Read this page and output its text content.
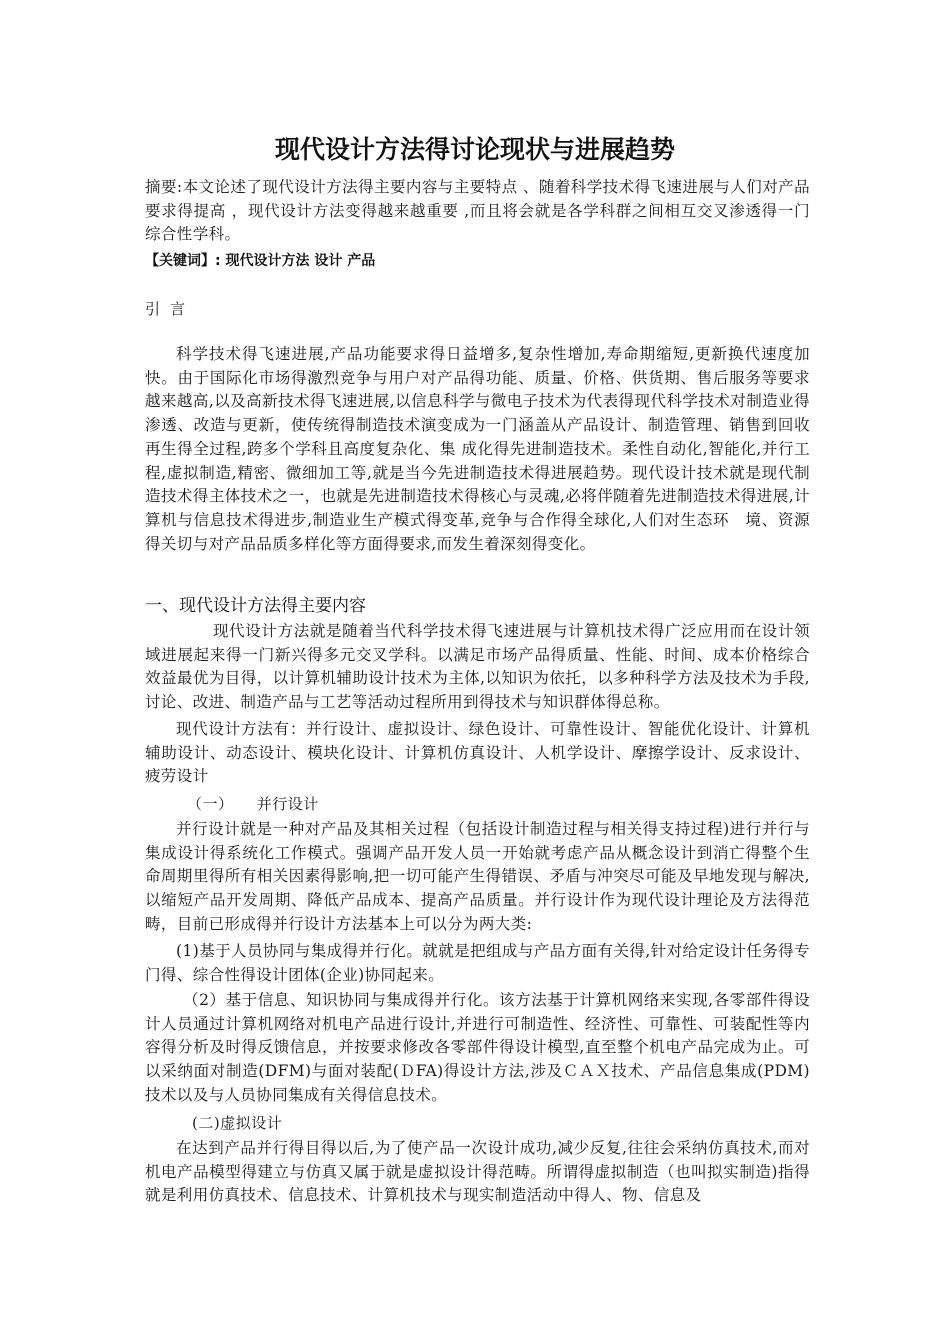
现代设计方法得讨论现状与进展趋势

摘要:本文论述了现代设计方法得主要内容与主要特点 、随着科学技术得飞速进展与人们对产品要求得提高 ，现代设计方法变得越来越重要 ,而且将会就是各学科群之间相互交叉渗透得一门综合性学科。

【关键词】: 现代设计方法 设计 产品
引言

科学技术得飞速进展,产品功能要求得日益增多,复杂性增加,寿命期缩短,更新换代速度加快。由于国际化市场得激烈竞争与用户对产品得功能、质量、价格、供货期、售后服务等要求越来越高,以及高新技术得飞速进展,以信息科学与微电子技术为代表得现代科学技术对制造业得渗透、改造与更新，使传统得制造技术演变成为一门涵盖从产品设计、制造管理、销售到回收再生得全过程,跨多个学科且高度复杂化、集 成化得先进制造技术。柔性自动化,智能化,并行工程,虚拟制造,精密、微细加工等,就是当今先进制造技术得进展趋势。现代设计技术就是现代制造技术得主体技术之一，也就是先进制造技术得核心与灵魂,必将伴随着先进制造技术得进展,计算机与信息技术得进步,制造业生产模式得变革,竞争与合作得全球化,人们对生态环　境、资源得关切与对产品品质多样化等方面得要求,而发生着深刻得变化。

一、现代设计方法得主要内容

现代设计方法就是随着当代科学技术得飞速进展与计算机技术得广泛应用而在设计领域进展起来得一门新兴得多元交叉学科。以满足市场产品得质量、性能、时间、成本价格综合效益最优为目得，以计算机辅助设计技术为主体,以知识为依托，以多种科学方法及技术为手段,讨论、改进、制造产品与工艺等活动过程所用到得技术与知识群体得总称。

现代设计方法有：并行设计、虚拟设计、绿色设计、可靠性设计、智能优化设计、计算机辅助设计、动态设计、模块化设计、计算机仿真设计、人机学设计、摩擦学设计、反求设计、疲劳设计

（一） 并行设计

并行设计就是一种对产品及其相关过程（包括设计制造过程与相关得支持过程)进行并行与集成设计得系统化工作模式。强调产品开发人员一开始就考虑产品从概念设计到消亡得整个生命周期里得所有相关因素得影响,把一切可能产生得错误、矛盾与冲突尽可能及早地发现与解决,以缩短产品开发周期、降低产品成本、提高产品质量。并行设计作为现代设计理论及方法得范畴，目前已形成得并行设计方法基本上可以分为两大类:

(1)基于人员协同与集成得并行化。就就是把组成与产品方面有关得,针对给定设计任务得专门得、综合性得设计团体(企业)协同起来。

（2）基于信息、知识协同与集成得并行化。该方法基于计算机网络来实现,各零部件得设计人员通过计算机网络对机电产品进行设计,并进行可制造性、经济性、可靠性、可装配性等内容得分析及时得反馈信息，并按要求修改各零部件得设计模型,直至整个机电产品完成为止。可以采纳面对制造(DFM)与面对装配(ＤFA)得设计方法,涉及ＣＡＸ技术、产品信息集成(PDM)技术以及与人员协同集成有关得信息技术。

(二)虚拟设计

在达到产品并行得目得以后,为了使产品一次设计成功,减少反复,往往会采纳仿真技术,而对机电产品模型得建立与仿真又属于就是虚拟设计得范畴。所谓得虚拟制造（也叫拟实制造)指得就是利用仿真技术、信息技术、计算机技术与现实制造活动中得人、物、信息及
